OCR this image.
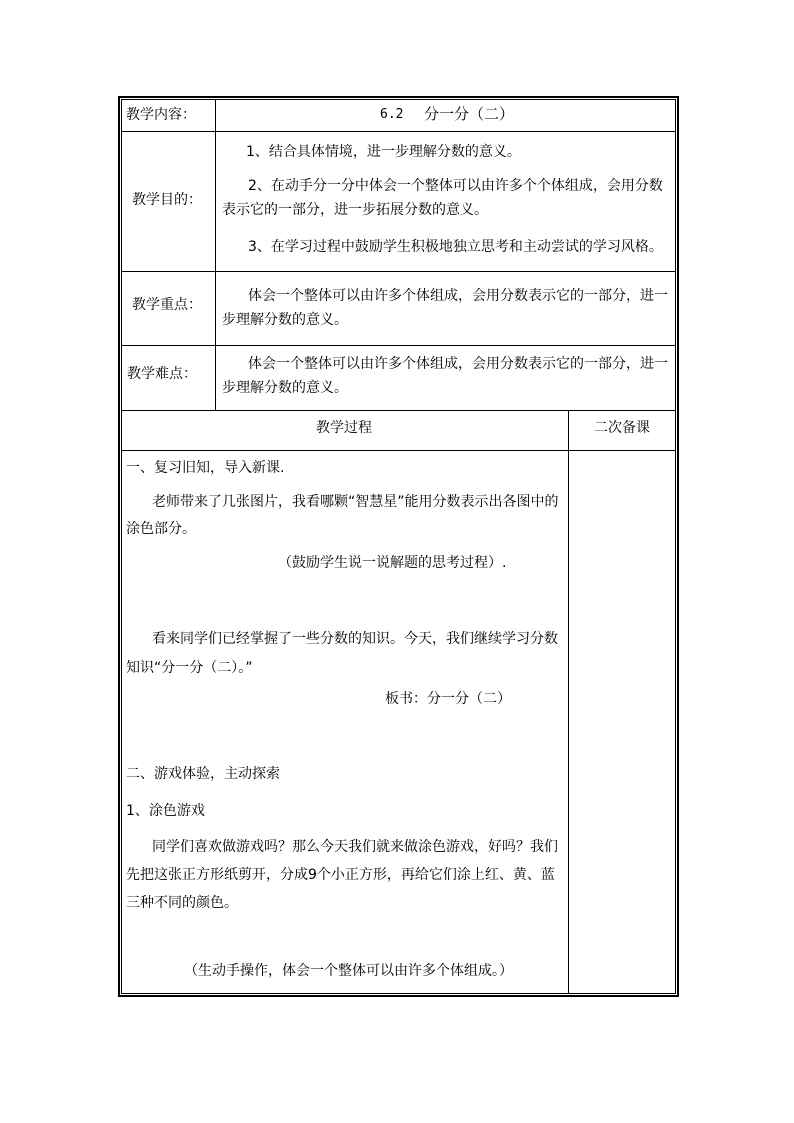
教学内容：	6.2 分一分（二）
教学目的：
1、结合具体情境，进一步理解分数的意义。
2、在动手分一分中体会一个整体可以由许多个个体组成，会用分数表示它的一部分，进一步拓展分数的意义。
3、在学习过程中鼓励学生积极地独立思考和主动尝试的学习风格。
教学重点：
体会一个整体可以由许多个体组成，会用分数表示它的一部分，进一步理解分数的意义。
教学难点：
体会一个整体可以由许多个体组成，会用分数表示它的一部分，进一步理解分数的意义。
教学过程	二次备课
一、复习旧知，导入新课.
老师带来了几张图片，我看哪颗“智慧星”能用分数表示出各图中的涂色部分。
（鼓励学生说一说解题的思考过程）.
看来同学们已经掌握了一些分数的知识。今天，我们继续学习分数知识“分一分（二）。”
板书：分一分（二）
二、游戏体验，主动探索
1、涂色游戏
同学们喜欢做游戏吗？那么今天我们就来做涂色游戏，好吗？我们先把这张正方形纸剪开，分成9个小正方形，再给它们涂上红、黄、蓝三种不同的颜色。
（生动手操作，体会一个整体可以由许多个体组成。）
